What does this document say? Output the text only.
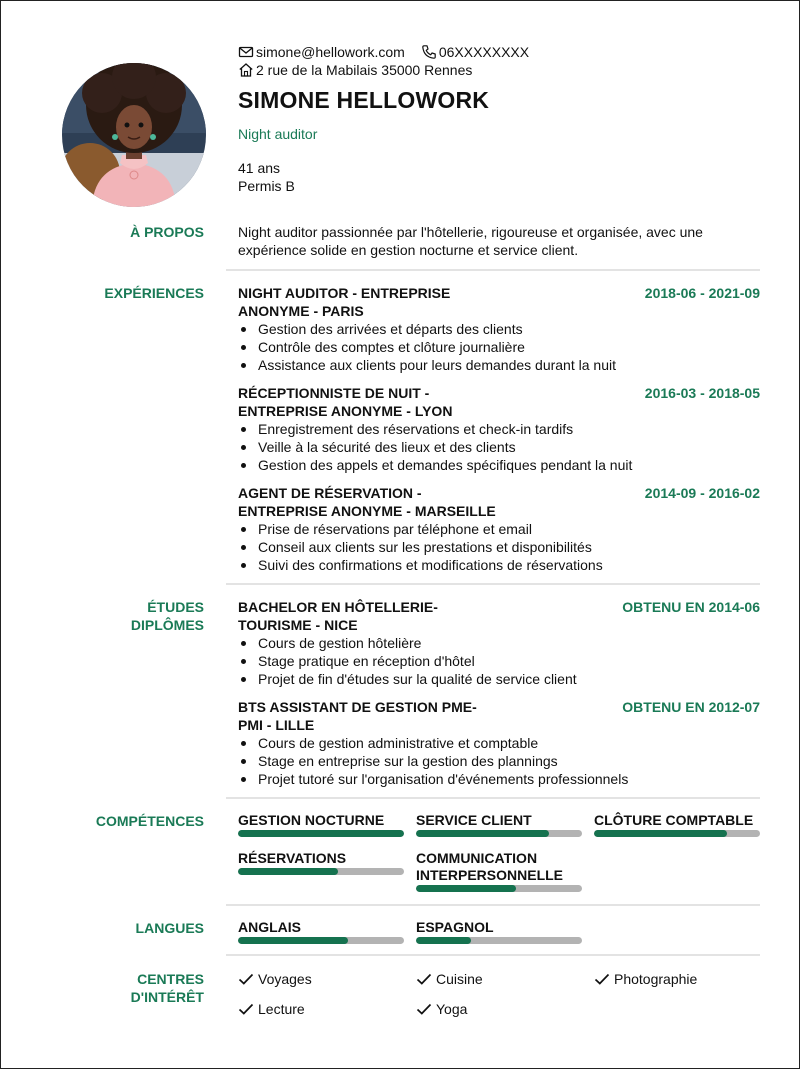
simone@hellowork.com 06XXXXXXXX
2 rue de la Mabilais 35000 Rennes
SIMONE HELLOWORK
Night auditor
41 ans
Permis B
À PROPOS Night auditor passionnée par l'hôtellerie, rigoureuse et organisée, avec une expérience solide en gestion nocturne et service client.
EXPÉRIENCES NIGHT AUDITOR - ENTREPRISE
ANONYME - PARIS
2018-06 - 2021-09
Gestion des arrivées et départs des clients
Contrôle des comptes et clôture journalière
Assistance aux clients pour leurs demandes durant la nuit
RÉCEPTIONNISTE DE NUIT -
ENTREPRISE ANONYME - LYON
2016-03 - 2018-05
Enregistrement des réservations et check-in tardifs
Veille à la sécurité des lieux et des clients
Gestion des appels et demandes spécifiques pendant la nuit
AGENT DE RÉSERVATION -
ENTREPRISE ANONYME - MARSEILLE
2014-09 - 2016-02
Prise de réservations par téléphone et email
Conseil aux clients sur les prestations et disponibilités
Suivi des confirmations et modifications de réservations
ÉTUDES
DIPLÔMES
BACHELOR EN HÔTELLERIE-
TOURISME - NICE
OBTENU EN 2014-06
Cours de gestion hôtelière
Stage pratique en réception d'hôtel
Projet de fin d'études sur la qualité de service client
BTS ASSISTANT DE GESTION PME-
PMI - LILLE
OBTENU EN 2012-07
Cours de gestion administrative et comptable
Stage en entreprise sur la gestion des plannings
Projet tutoré sur l'organisation d'événements professionnels
COMPÉTENCES GESTION NOCTURNE	SERVICE CLIENT	CLÔTURE COMPTABLE
RÉSERVATIONS	COMMUNICATION
INTERPERSONNELLE
LANGUES ANGLAIS	ESPAGNOL
CENTRES
D'INTÉRÊT
Voyages	Cuisine	Photographie
Lecture	Yoga
